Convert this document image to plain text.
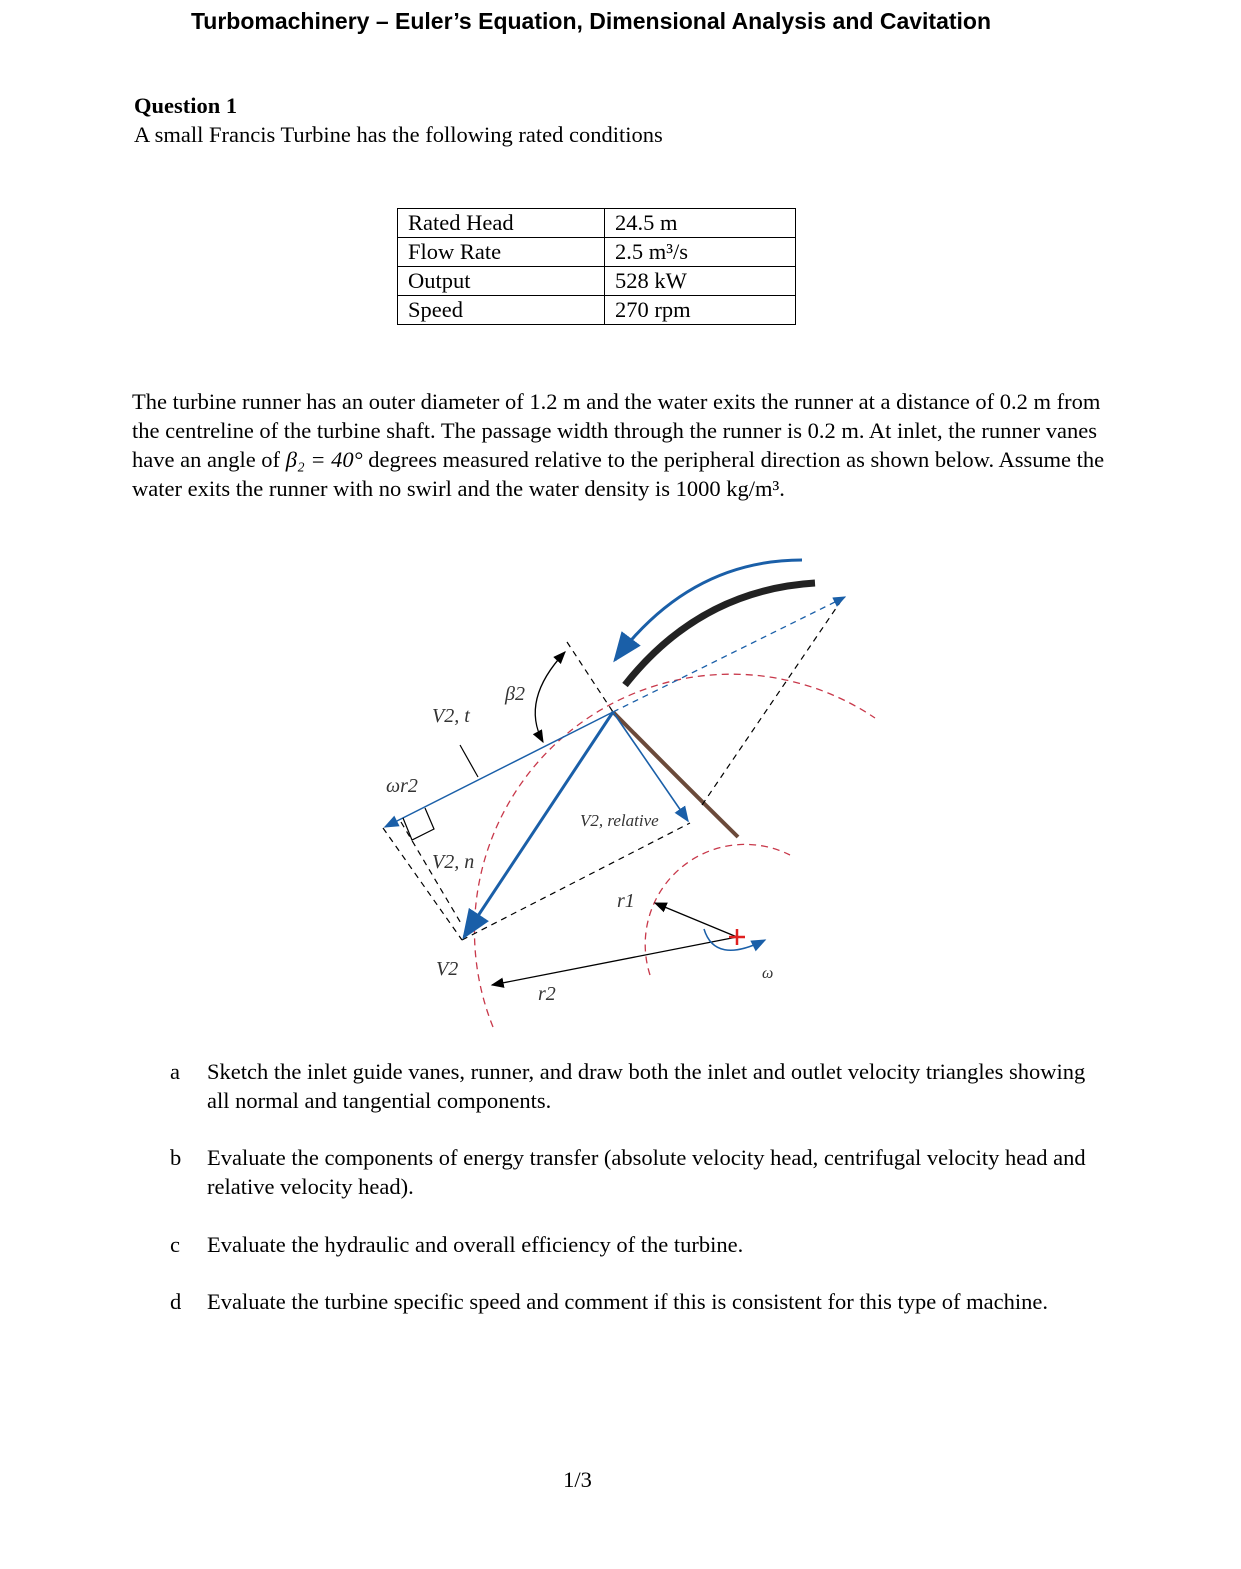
Turbomachinery – Euler’s Equation, Dimensional Analysis and Cavitation
Question 1
A small Francis Turbine has the following rated conditions
Rated Head	24.5 m
Flow Rate	2.5 m³/s
Output	528 kW
Speed	270 rpm
The turbine runner has an outer diameter of 1.2 m and the water exits the runner at a distance of 0.2 m from the centreline of the turbine shaft. The passage width through the runner is 0.2 m. At inlet, the runner vanes have an angle of β₂ = 40° degrees measured relative to the peripheral direction as shown below. Assume the water exits the runner with no swirl and the water density is 1000 kg/m³.
β2
V2, t
ωr2
V2, n
V2, relative
V2
r1
r2
ω
a Sketch the inlet guide vanes, runner, and draw both the inlet and outlet velocity triangles showing all normal and tangential components.
b Evaluate the components of energy transfer (absolute velocity head, centrifugal velocity head and relative velocity head).
c Evaluate the hydraulic and overall efficiency of the turbine.
d Evaluate the turbine specific speed and comment if this is consistent for this type of machine.
1/3
